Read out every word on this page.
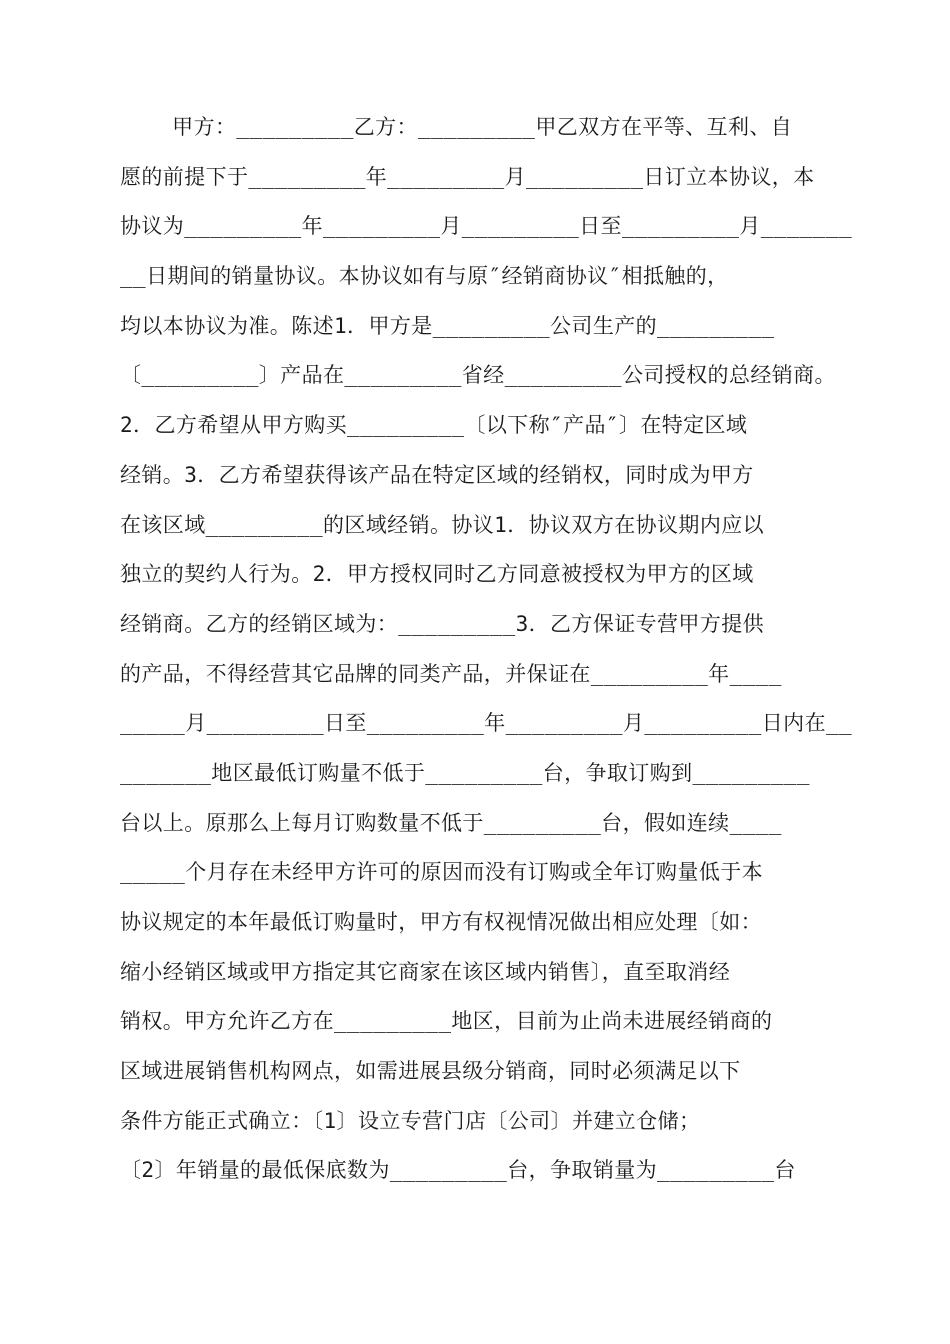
甲方：_________乙方：_________甲乙双方在平等、互利、自
愿的前提下于_________年_________月_________日订立本协议，本
协议为_________年_________月_________日至_________月_______
__日期间的销量协议。本协议如有与原″经销商协议″相抵触的，
均以本协议为准。陈述1．甲方是_________公司生产的_________
〔_________〕产品在_________省经_________公司授权的总经销商。
2．乙方希望从甲方购买_________〔以下称″产品″〕在特定区域
经销。3．乙方希望获得该产品在特定区域的经销权，同时成为甲方
在该区域_________的区域经销。协议1．协议双方在协议期内应以
独立的契约人行为。2．甲方授权同时乙方同意被授权为甲方的区域
经销商。乙方的经销区域为：_________3．乙方保证专营甲方提供
的产品，不得经营其它品牌的同类产品，并保证在_________年____
_____月_________日至_________年_________月_________日内在__
_______地区最低订购量不低于_________台，争取订购到_________
台以上。原那么上每月订购数量不低于_________台，假如连续____
_____个月存在未经甲方许可的原因而没有订购或全年订购量低于本
协议规定的本年最低订购量时，甲方有权视情况做出相应处理〔如：
缩小经销区域或甲方指定其它商家在该区域内销售〕，直至取消经
销权。甲方允许乙方在_________地区，目前为止尚未进展经销商的
区域进展销售机构网点，如需进展县级分销商，同时必须满足以下
条件方能正式确立：〔1〕设立专营门店〔公司〕并建立仓储；
〔2〕年销量的最低保底数为_________台，争取销量为_________台
